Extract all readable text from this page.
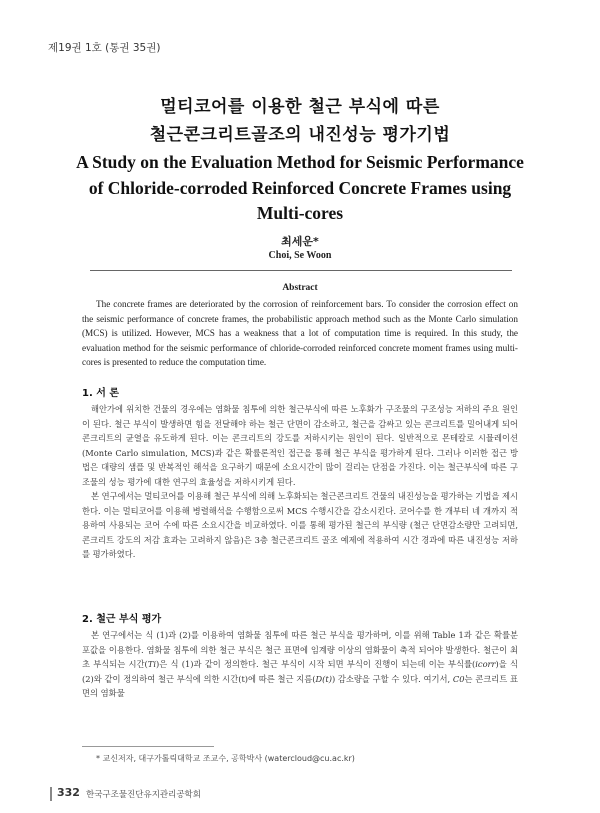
제19권 1호 (통권 35권)
멀티코어를 이용한 철근 부식에 따른
철근콘크리트골조의 내진성능 평가기법
A Study on the Evaluation Method for Seismic Performance
of Chloride-corroded Reinforced Concrete Frames using
Multi-cores
최세운*
Choi, Se Woon
Abstract
The concrete frames are deteriorated by the corrosion of reinforcement bars. To consider the corrosion effect on the seismic performance of concrete frames, the probabilistic approach method such as the Monte Carlo simulation (MCS) is utilized. However, MCS has a weakness that a lot of computation time is required. In this study, the evaluation method for the seismic performance of chloride-corroded reinforced concrete moment frames using multi-cores is presented to reduce the computation time.
1. 서 론

해안가에 위치한 건물의 경우에는 염화물 침투에 의한 철근부식에 따른 노후화가 구조물의 구조성능 저하의 주요 원인이 된다. 철근 부식이 발생하면 힘을 전달해야 하는 철근 단면이 감소하고, 철근을 감싸고 있는 콘크리트를 밀어내게 되어 콘크리트의 균열을 유도하게 된다. 이는 콘크리트의 강도를 저하시키는 원인이 된다. 일반적으로 몬테칼로 시뮬레이션 (Monte Carlo simulation, MCS)과 같은 확률론적인 접근을 통해 철근 부식을 평가하게 된다. 그러나 이러한 접근 방법은 대량의 샘플 및 반복적인 해석을 요구하기 때문에 소요시간이 많이 걸리는 단점을 가진다. 이는 철근부식에 따른 구조물의 성능 평가에 대한 연구의 효율성을 저하시키게 된다.

본 연구에서는 멀티코어를 이용해 철근 부식에 의해 노후화되는 철근콘크리트 건물의 내진성능을 평가하는 기법을 제시한다. 이는 멀티코어를 이용해 병렬해석을 수행함으로써 MCS 수행시간을 감소시킨다. 코어수를 한 개부터 네 개까지 적용하여 사용되는 코어 수에 따른 소요시간을 비교하였다. 이를 통해 평가된 철근의 부식량 (철근 단면감소량만 고려되면, 콘크리트 강도의 저감 효과는 고려하지 않음)은 3층 철근콘크리트 골조 예제에 적용하여 시간 경과에 따른 내진성능 저하를 평가하였다.

2. 철근 부식 평가

본 연구에서는 식 (1)과 (2)를 이용하여 염화물 침투에 따른 철근 부식을 평가하며, 이를 위해 Table 1과 같은 확률분포값을 이용한다. 염화물 침투에 의한 철근 부식은 철근 표면에 임계량 이상의 염화물이 축적 되어야 발생한다. 철근이 최초 부식되는 시간(Ti)은 식 (1)과 같이 정의한다. 철근 부식이 시작 되면 부식이 진행이 되는데 이는 부식률(icorr)을 식 (2)와 같이 정의하여 철근 부식에 의한 시간(t)에 따른 철근 지름(D(t)) 감소량을 구할 수 있다. 여기서, C0는 콘크리트 표면의 염화물

* 교신저자, 대구가톨릭대학교 조교수, 공학박사 (watercloud@cu.ac.kr)
332 한국구조물진단유지관리공학회
